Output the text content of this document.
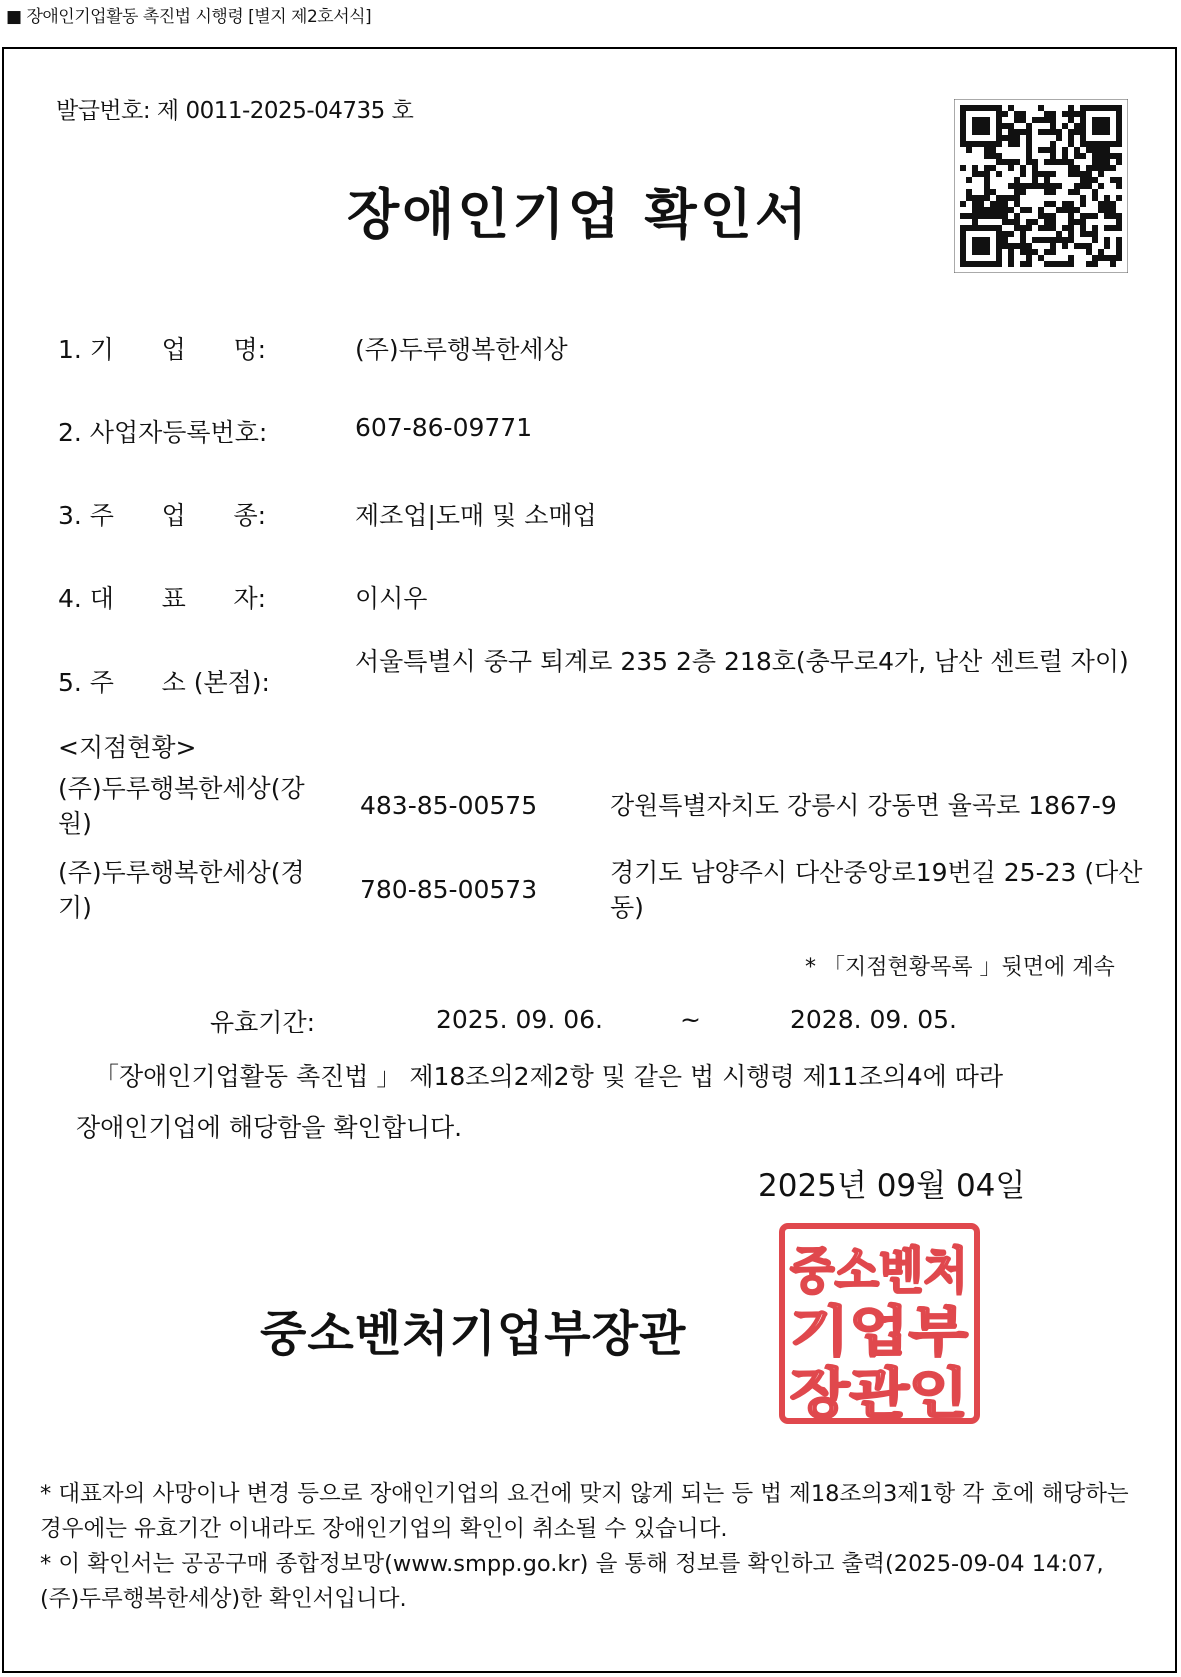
■ 장애인기업활동 촉진법 시행령 [별지 제2호서식]
발급번호: 제 0011-2025-04735 호
장애인기업 확인서
1. 기      업      명:	(주)두루행복한세상
2. 사업자등록번호:	607-86-09771
3. 주      업      종:	제조업|도매 및 소매업
4. 대      표      자:	이시우
5. 주      소 (본점):
서울특별시 중구 퇴계로 235 2층 218호(충무로4가, 남산 센트럴 자이)
<지점현황>
(주)두루행복한세상(강원)
483-85-00575	강원특별자치도 강릉시 강동면 율곡로 1867-9
(주)두루행복한세상(경기)
780-85-00573
경기도 남양주시 다산중앙로19번길 25-23 (다산동)
* 「지점현황목록 」뒷면에 계속
유효기간:	2025. 09. 06.	~	2028. 09. 05.
「장애인기업활동 촉진법 」 제18조의2제2항 및 같은 법 시행령 제11조의4에 따라
장애인기업에 해당함을 확인합니다.
2025년 09월 04일
중소벤처기업부장관
중소벤처
기업부
장관인
* 대표자의 사망이나 변경 등으로 장애인기업의 요건에 맞지 않게 되는 등 법 제18조의3제1항 각 호에 해당하는 경우에는 유효기간 이내라도 장애인기업의 확인이 취소될 수 있습니다.
* 이 확인서는 공공구매 종합정보망(www.smpp.go.kr) 을 통해 정보를 확인하고 출력(2025-09-04 14:07, (주)두루행복한세상)한 확인서입니다.
